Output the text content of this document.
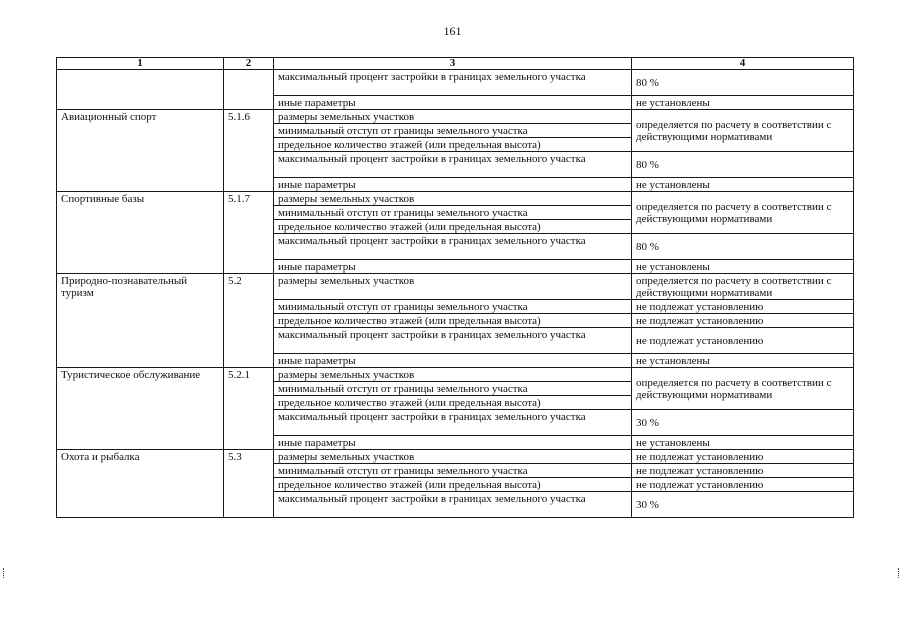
161
1	2	3	4
		максимальный процент застройки в границах земельного участка	80 %
		иные параметры	не установлены
Авиационный спорт	5.1.6	размеры земельных участков	определяется по расчету в соответствии с действующими нормативами
		минимальный отступ от границы земельного участка	
		предельное количество этажей (или предельная высота)	
		максимальный процент застройки в границах земельного участка	80 %
		иные параметры	не установлены
Спортивные базы	5.1.7	размеры земельных участков	определяется по расчету в соответствии с действующими нормативами
		минимальный отступ от границы земельного участка	
		предельное количество этажей (или предельная высота)	
		максимальный процент застройки в границах земельного участка	80 %
		иные параметры	не установлены
Природно-познавательный туризм	5.2	размеры земельных участков	определяется по расчету в соответствии с действующими нормативами
		минимальный отступ от границы земельного участка	не подлежат установлению
		предельное количество этажей (или предельная высота)	не подлежат установлению
		максимальный процент застройки в границах земельного участка	не подлежат установлению
		иные параметры	не установлены
Туристическое обслуживание	5.2.1	размеры земельных участков	определяется по расчету в соответствии с действующими нормативами
		минимальный отступ от границы земельного участка	
		предельное количество этажей (или предельная высота)	
		максимальный процент застройки в границах земельного участка	30 %
		иные параметры	не установлены
Охота и рыбалка	5.3	размеры земельных участков	не подлежат установлению
		минимальный отступ от границы земельного участка	не подлежат установлению
		предельное количество этажей (или предельная высота)	не подлежат установлению
		максимальный процент застройки в границах земельного участка	30 %
